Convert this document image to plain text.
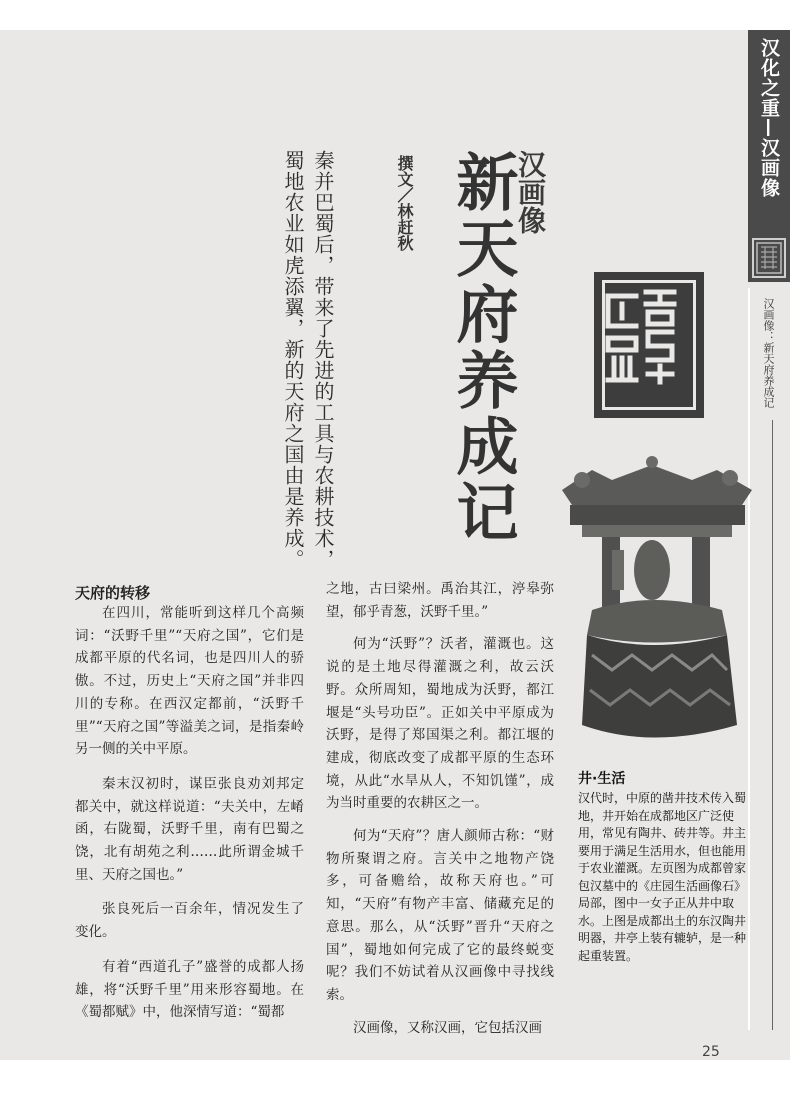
汉化之重—汉画像
汉画像：新天府养成记
汉画像
新天府养成记
撰文／林赶秋
秦并巴蜀后，带来了先进的工具与农耕技术，
蜀地农业如虎添翼，新的天府之国由是养成。
天府的转移

在四川，常能听到这样几个高频词：“沃野千里”“天府之国”，它们是成都平原的代名词，也是四川人的骄傲。不过，历史上“天府之国”并非四川的专称。在西汉定都前，“沃野千里”“天府之国”等溢美之词，是指秦岭另一侧的关中平原。

秦末汉初时，谋臣张良劝刘邦定都关中，就这样说道：“夫关中，左崤函，右陇蜀，沃野千里，南有巴蜀之饶，北有胡苑之利……此所谓金城千里、天府之国也。”

张良死后一百余年，情况发生了变化。

有着“西道孔子”盛誉的成都人扬雄，将“沃野千里”用来形容蜀地。在《蜀都赋》中，他深情写道：“蜀都

之地，古曰梁州。禹治其江，渟皋弥望，郁乎青葱，沃野千里。”

何为“沃野”？沃者，灌溉也。这说的是土地尽得灌溉之利，故云沃野。众所周知，蜀地成为沃野，都江堰是“头号功臣”。正如关中平原成为沃野，是得了郑国渠之利。都江堰的建成，彻底改变了成都平原的生态环境，从此“水旱从人，不知饥馑”，成为当时重要的农耕区之一。

何为“天府”？唐人颜师古称：“财物所聚谓之府。言关中之地物产饶多，可备赡给，故称天府也。”可知，“天府”有物产丰富、储藏充足的意思。那么，从“沃野”晋升“天府之国”，蜀地如何完成了它的最终蜕变呢？我们不妨试着从汉画像中寻找线索。

汉画像，又称汉画，它包括汉画

井·生活
汉代时，中原的凿井技术传入蜀地，井开始在成都地区广泛使用，常见有陶井、砖井等。井主要用于满足生活用水，但也能用于农业灌溉。左页图为成都曾家包汉墓中的《庄园生活画像石》局部，图中一女子正从井中取水。上图是成都出土的东汉陶井明器，井亭上装有辘轳，是一种起重装置。
25
